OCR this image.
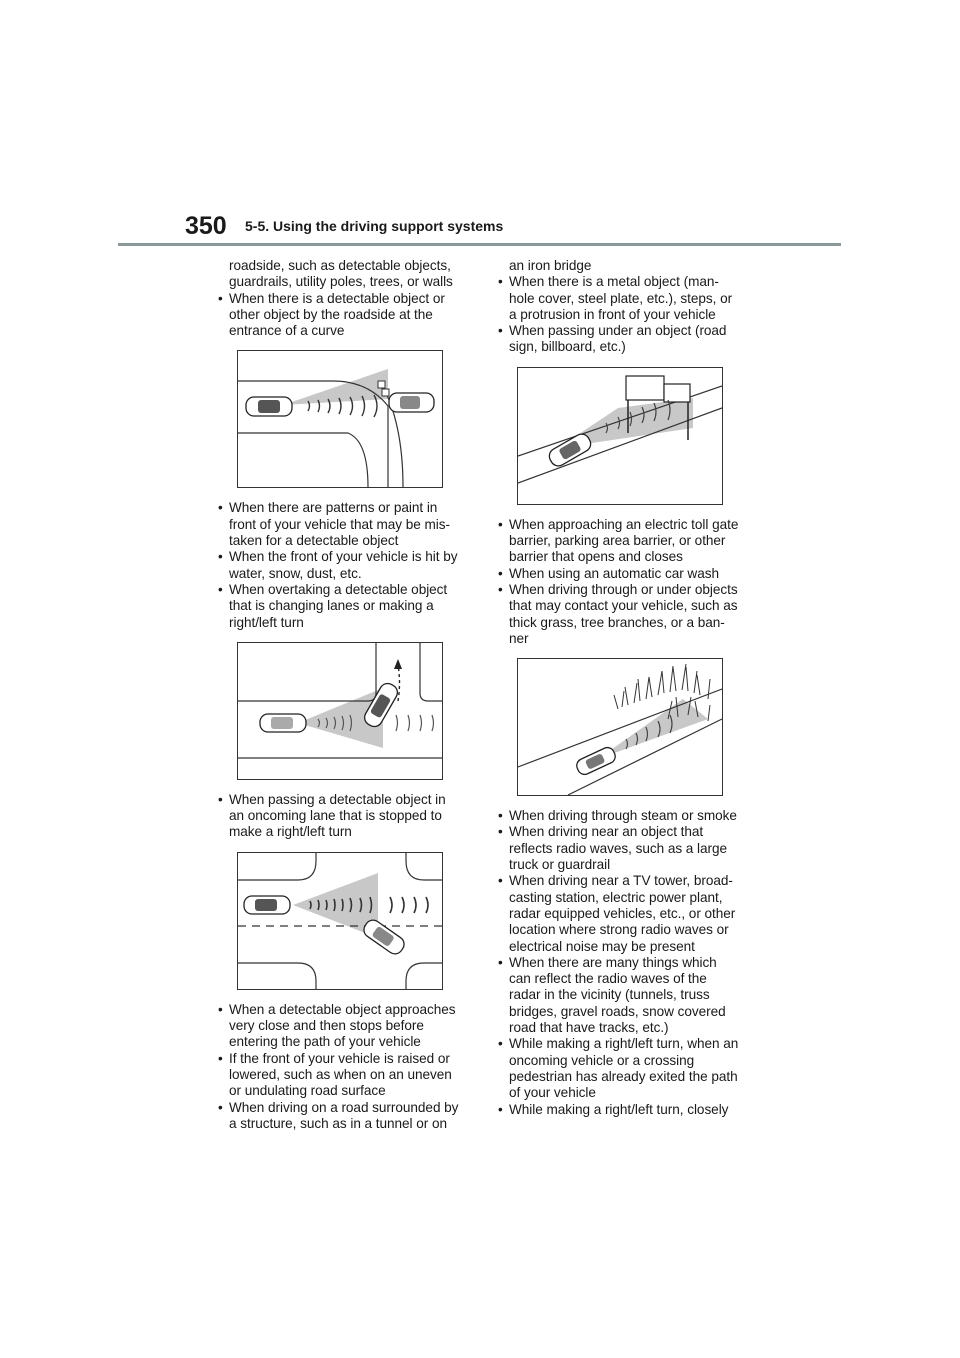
350 5-5. Using the driving support systems
roadside, such as detectable objects,
guardrails, utility poles, trees, or walls
• When there is a detectable object or
other object by the roadside at the
entrance of a curve
• When there are patterns or paint in
front of your vehicle that may be mis-
taken for a detectable object
• When the front of your vehicle is hit by
water, snow, dust, etc.
• When overtaking a detectable object
that is changing lanes or making a
right/left turn
• When passing a detectable object in
an oncoming lane that is stopped to
make a right/left turn
• When a detectable object approaches
very close and then stops before
entering the path of your vehicle
• If the front of your vehicle is raised or
lowered, such as when on an uneven
or undulating road surface
• When driving on a road surrounded by
a structure, such as in a tunnel or on
an iron bridge
• When there is a metal object (man-
hole cover, steel plate, etc.), steps, or
a protrusion in front of your vehicle
• When passing under an object (road
sign, billboard, etc.)
• When approaching an electric toll gate
barrier, parking area barrier, or other
barrier that opens and closes
• When using an automatic car wash
• When driving through or under objects
that may contact your vehicle, such as
thick grass, tree branches, or a ban-
ner
• When driving through steam or smoke
• When driving near an object that
reflects radio waves, such as a large
truck or guardrail
• When driving near a TV tower, broad-
casting station, electric power plant,
radar equipped vehicles, etc., or other
location where strong radio waves or
electrical noise may be present
• When there are many things which
can reflect the radio waves of the
radar in the vicinity (tunnels, truss
bridges, gravel roads, snow covered
road that have tracks, etc.)
• While making a right/left turn, when an
oncoming vehicle or a crossing
pedestrian has already exited the path
of your vehicle
• While making a right/left turn, closely
